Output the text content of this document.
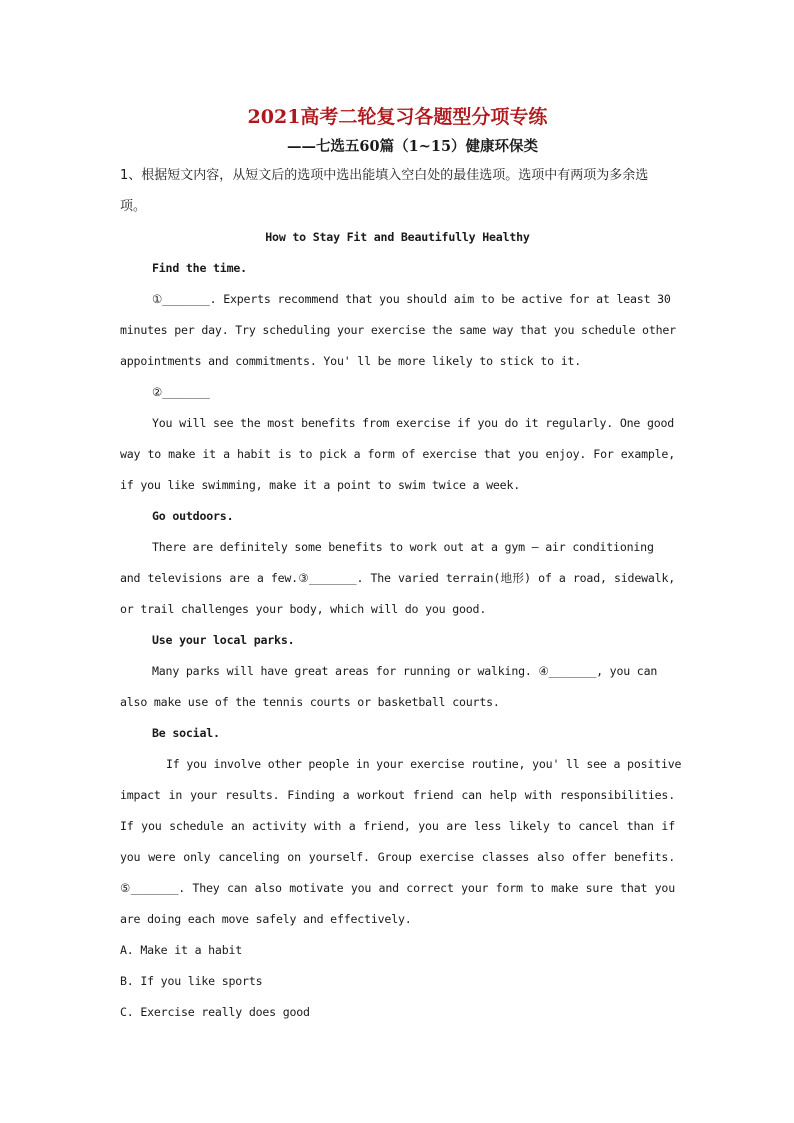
2021高考二轮复习各题型分项专练

——七选五60篇（1~15）健康环保类

1、根据短文内容，从短文后的选项中选出能填入空白处的最佳选项。选项中有两项为多余选

项。

How to Stay Fit and Beautifully Healthy

Find the time.

①_______. Experts recommend that you should aim to be active for at least 30

minutes per day. Try scheduling your exercise the same way that you schedule other

appointments and commitments. You' ll be more likely to stick to it.

②_______

You will see the most benefits from exercise if you do it regularly. One good

way to make it a habit is to pick a form of exercise that you enjoy. For example,

if you like swimming, make it a point to swim twice a week.

Go outdoors.

There are definitely some benefits to work out at a gym — air conditioning

and televisions are a few.③_______. The varied terrain(地形) of a road, sidewalk,

or trail challenges your body, which will do you good.

Use your local parks.

Many parks will have great areas for running or walking. ④_______, you can

also make use of the tennis courts or basketball courts.

Be social.

If you involve other people in your exercise routine, you' ll see a positive

impact in your results. Finding a workout friend can help with responsibilities.

If you schedule an activity with a friend, you are less likely to cancel than if

you were only canceling on yourself. Group exercise classes also offer benefits.

⑤_______. They can also motivate you and correct your form to make sure that you

are doing each move safely and effectively.

A. Make it a habit

B. If you like sports

C. Exercise really does good
